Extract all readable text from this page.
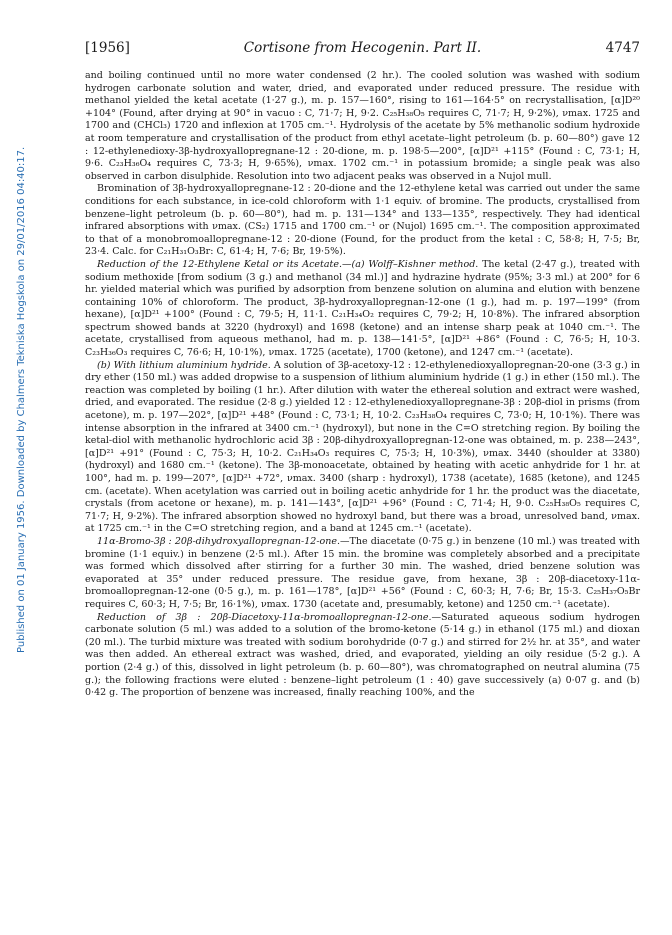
[1956]	Cortisone from Hecogenin. Part II.	4747
Published on 01 January 1956. Downloaded by Chalmers Tekniska Hogskola on 29/01/2016 04:40:17.

and boiling continued until no more water condensed (2 hr.). The cooled solution was washed with sodium hydrogen carbonate solution and water, dried, and evaporated under reduced pressure. The residue with methanol yielded the ketal acetate (1·27 g.), m. p. 157—160°, rising to 161—164·5° on recrystallisation, [α]D²⁰ +104° (Found, after drying at 90° in vacuo : C, 71·7; H, 9·2. C₂₅H₃₈O₅ requires C, 71·7; H, 9·2%), νmax. 1725 and 1700 and (CHCl₃) 1720 and inflexion at 1705 cm.⁻¹. Hydrolysis of the acetate by 5% methanolic sodium hydroxide at room temperature and crystallisation of the product from ethyl acetate–light petroleum (b. p. 60—80°) gave 12 : 12-ethylenedioxy-3β-hydroxyallopregnane-12 : 20-dione, m. p. 198·5—200°, [α]D²¹ +115° (Found : C, 73·1; H, 9·6. C₂₃H₃₆O₄ requires C, 73·3; H, 9·65%), νmax. 1702 cm.⁻¹ in potassium bromide; a single peak was also observed in carbon disulphide. Resolution into two adjacent peaks was observed in a Nujol mull.

Bromination of 3β-hydroxyallopregnane-12 : 20-dione and the 12-ethylene ketal was carried out under the same conditions for each substance, in ice-cold chloroform with 1·1 equiv. of bromine. The products, crystallised from benzene–light petroleum (b. p. 60—80°), had m. p. 131—134° and 133—135°, respectively. They had identical infrared absorptions with νmax. (CS₂) 1715 and 1700 cm.⁻¹ or (Nujol) 1695 cm.⁻¹. The composition approximated to that of a monobromoallopregnane-12 : 20-dione (Found, for the product from the ketal : C, 58·8; H, 7·5; Br, 23·4. Calc. for C₂₁H₃₁O₃Br: C, 61·4; H, 7·6; Br, 19·5%).

Reduction of the 12-Ethylene Ketal or its Acetate.—(a) Wolff–Kishner method. The ketal (2·47 g.), treated with sodium methoxide [from sodium (3 g.) and methanol (34 ml.)] and hydrazine hydrate (95%; 3·3 ml.) at 200° for 6 hr. yielded material which was purified by adsorption from benzene solution on alumina and elution with benzene containing 10% of chloroform. The product, 3β-hydroxyallopregnan-12-one (1 g.), had m. p. 197—199° (from hexane), [α]D²¹ +100° (Found : C, 79·5; H, 11·1. C₂₁H₃₄O₂ requires C, 79·2; H, 10·8%). The infrared absorption spectrum showed bands at 3220 (hydroxyl) and 1698 (ketone) and an intense sharp peak at 1040 cm.⁻¹. The acetate, crystallised from aqueous methanol, had m. p. 138—141·5°, [α]D²¹ +86° (Found : C, 76·5; H, 10·3. C₂₃H₃₆O₃ requires C, 76·6; H, 10·1%), νmax. 1725 (acetate), 1700 (ketone), and 1247 cm.⁻¹ (acetate).

(b) With lithium aluminium hydride. A solution of 3β-acetoxy-12 : 12-ethylenedioxyallopregnan-20-one (3·3 g.) in dry ether (150 ml.) was added dropwise to a suspension of lithium aluminium hydride (1 g.) in ether (150 ml.). The reaction was completed by boiling (1 hr.). After dilution with water the ethereal solution and extract were washed, dried, and evaporated. The residue (2·8 g.) yielded 12 : 12-ethylenedioxyallopregnane-3β : 20β-diol in prisms (from acetone), m. p. 197—202°, [α]D²¹ +48° (Found : C, 73·1; H, 10·2. C₂₃H₃₈O₄ requires C, 73·0; H, 10·1%). There was intense absorption in the infrared at 3400 cm.⁻¹ (hydroxyl), but none in the C=O stretching region. By boiling the ketal-diol with methanolic hydrochloric acid 3β : 20β-dihydroxyallopregnan-12-one was obtained, m. p. 238—243°, [α]D²¹ +91° (Found : C, 75·3; H, 10·2. C₂₁H₃₄O₃ requires C, 75·3; H, 10·3%), νmax. 3440 (shoulder at 3380) (hydroxyl) and 1680 cm.⁻¹ (ketone). The 3β-monoacetate, obtained by heating with acetic anhydride for 1 hr. at 100°, had m. p. 199—207°, [α]D²¹ +72°, νmax. 3400 (sharp : hydroxyl), 1738 (acetate), 1685 (ketone), and 1245 cm. (acetate). When acetylation was carried out in boiling acetic anhydride for 1 hr. the product was the diacetate, crystals (from acetone or hexane), m. p. 141—143°, [α]D²¹ +96° (Found : C, 71·4; H, 9·0. C₂₅H₃₈O₅ requires C, 71·7; H, 9·2%). The infrared absorption showed no hydroxyl band, but there was a broad, unresolved band, νmax. at 1725 cm.⁻¹ in the C=O stretching region, and a band at 1245 cm.⁻¹ (acetate).

11α-Bromo-3β : 20β-dihydroxyallopregnan-12-one.—The diacetate (0·75 g.) in benzene (10 ml.) was treated with bromine (1·1 equiv.) in benzene (2·5 ml.). After 15 min. the bromine was completely absorbed and a precipitate was formed which dissolved after stirring for a further 30 min. The washed, dried benzene solution was evaporated at 35° under reduced pressure. The residue gave, from hexane, 3β : 20β-diacetoxy-11α-bromoallopregnan-12-one (0·5 g.), m. p. 161—178°, [α]D²¹ +56° (Found : C, 60·3; H, 7·6; Br, 15·3. C₂₅H₃₇O₅Br requires C, 60·3; H, 7·5; Br, 16·1%), νmax. 1730 (acetate and, presumably, ketone) and 1250 cm.⁻¹ (acetate).

Reduction of 3β : 20β-Diacetoxy-11α-bromoallopregnan-12-one.—Saturated aqueous sodium hydrogen carbonate solution (5 ml.) was added to a solution of the bromo-ketone (5·14 g.) in ethanol (175 ml.) and dioxan (20 ml.). The turbid mixture was treated with sodium borohydride (0·7 g.) and stirred for 2½ hr. at 35°, and water was then added. An ethereal extract was washed, dried, and evaporated, yielding an oily residue (5·2 g.). A portion (2·4 g.) of this, dissolved in light petroleum (b. p. 60—80°), was chromatographed on neutral alumina (75 g.); the following fractions were eluted : benzene–light petroleum (1 : 40) gave successively (a) 0·07 g. and (b) 0·42 g. The proportion of benzene was increased, finally reaching 100%, and the
